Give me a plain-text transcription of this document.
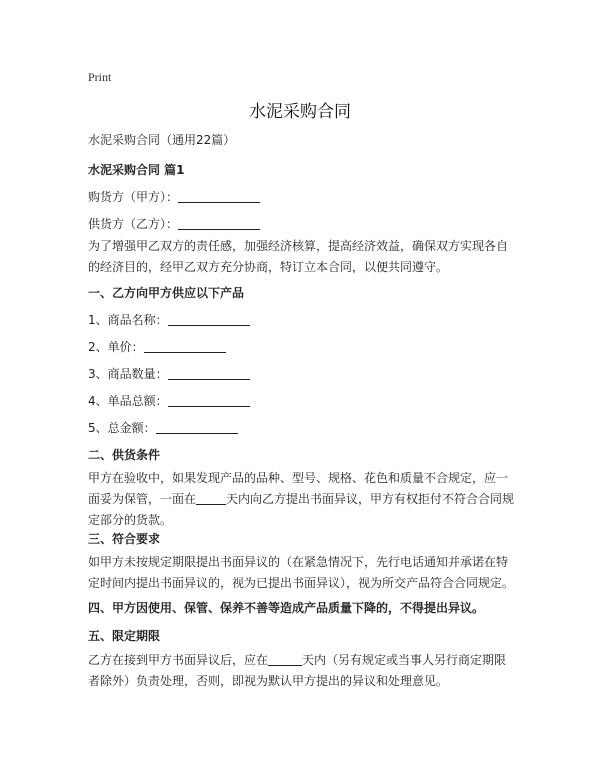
Print
水泥采购合同
水泥采购合同（通用22篇）
水泥采购合同 篇1
购货方（甲方）：
供货方（乙方）：
为了增强甲乙双方的责任感，加强经济核算，提高经济效益，确保双方实现各自的经济目的，经甲乙双方充分协商，特订立本合同，以便共同遵守。
一、乙方向甲方供应以下产品
1、商品名称：
2、单价：
3、商品数量：
4、单品总额：
5、总金额：
二、供货条件
甲方在验收中，如果发现产品的品种、型号、规格、花色和质量不合规定，应一面妥为保管，一面在	天内向乙方提出书面异议，甲方有权拒付不符合合同规定部分的货款。
三、符合要求
如甲方未按规定期限提出书面异议的（在紧急情况下，先行电话通知并承诺在特定时间内提出书面异议的，视为已提出书面异议），视为所交产品符合合同规定。
四、甲方因使用、保管、保养不善等造成产品质量下降的，不得提出异议。
五、限定期限
乙方在接到甲方书面异议后，应在	天内（另有规定或当事人另行商定期限者除外）负责处理，否则，即视为默认甲方提出的异议和处理意见。
